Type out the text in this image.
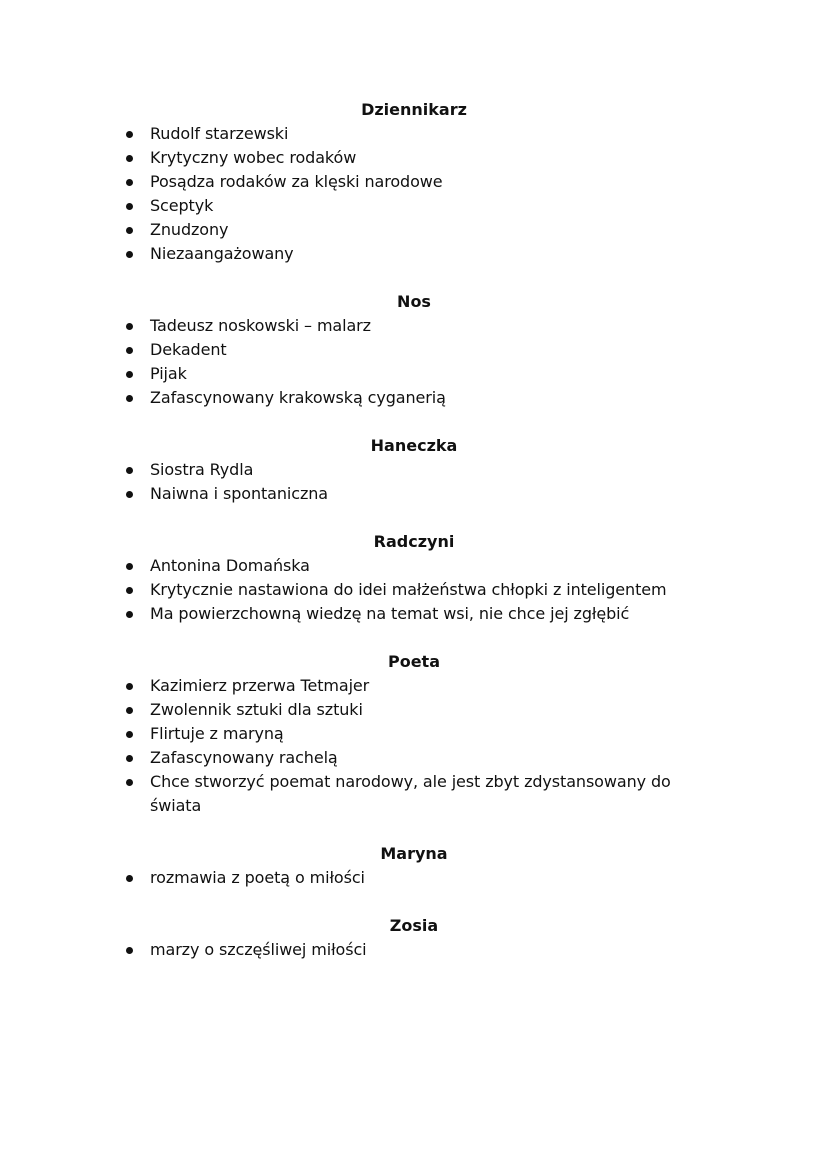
Dziennikarz
Rudolf starzewski
Krytyczny wobec rodaków
Posądza rodaków za klęski narodowe
Sceptyk
Znudzony
Niezaangażowany
Nos
Tadeusz noskowski – malarz
Dekadent
Pijak
Zafascynowany krakowską cyganerią
Haneczka
Siostra Rydla
Naiwna i spontaniczna
Radczyni
Antonina Domańska
Krytycznie nastawiona do idei małżeństwa chłopki z inteligentem
Ma powierzchowną wiedzę na temat wsi, nie chce jej zgłębić
Poeta
Kazimierz przerwa Tetmajer
Zwolennik sztuki dla sztuki
Flirtuje z maryną
Zafascynowany rachelą
Chce stworzyć poemat narodowy, ale jest zbyt zdystansowany do świata
Maryna
rozmawia z poetą o miłości
Zosia
marzy o szczęśliwej miłości
